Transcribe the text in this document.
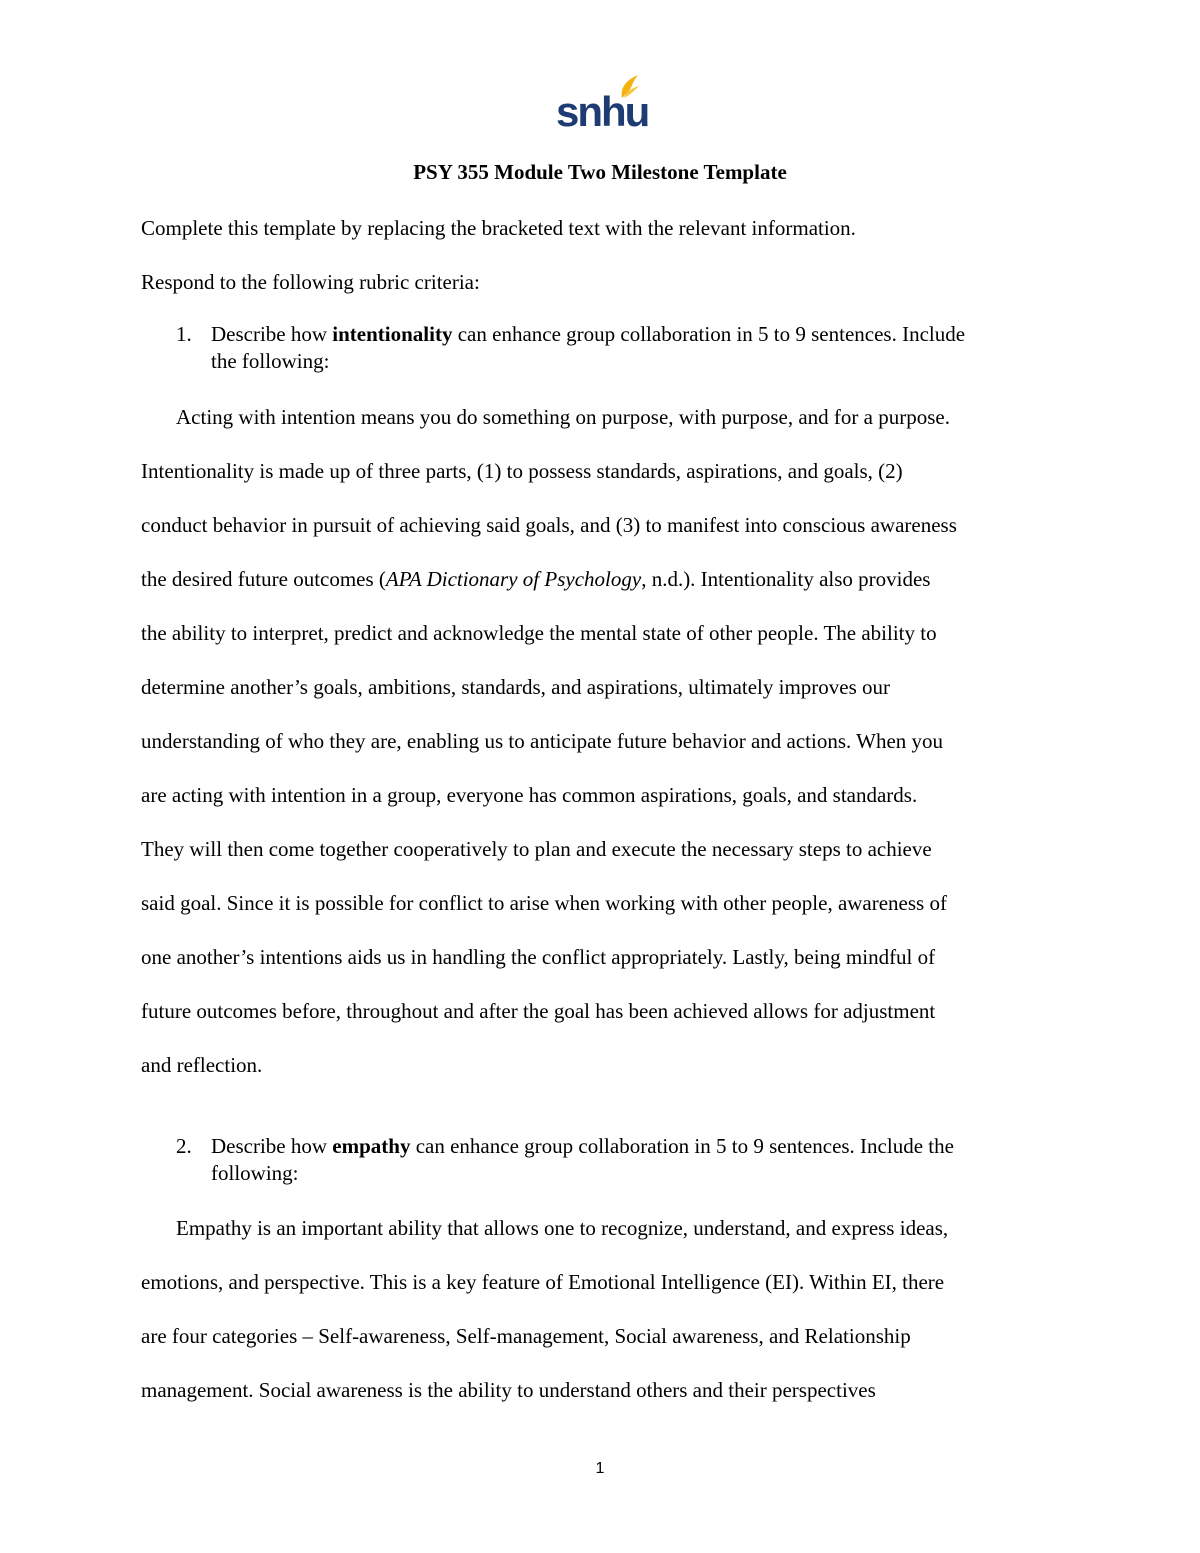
snhu
PSY 355 Module Two Milestone Template

Complete this template by replacing the bracketed text with the relevant information.

Respond to the following rubric criteria:

1. Describe how intentionality can enhance group collaboration in 5 to 9 sentences. Include
the following:
Acting with intention means you do something on purpose, with purpose, and for a purpose.
Intentionality is made up of three parts, (1) to possess standards, aspirations, and goals, (2)
conduct behavior in pursuit of achieving said goals, and (3) to manifest into conscious awareness
the desired future outcomes (APA Dictionary of Psychology, n.d.). Intentionality also provides
the ability to interpret, predict and acknowledge the mental state of other people. The ability to
determine another’s goals, ambitions, standards, and aspirations, ultimately improves our
understanding of who they are, enabling us to anticipate future behavior and actions. When you
are acting with intention in a group, everyone has common aspirations, goals, and standards.
They will then come together cooperatively to plan and execute the necessary steps to achieve
said goal. Since it is possible for conflict to arise when working with other people, awareness of
one another’s intentions aids us in handling the conflict appropriately. Lastly, being mindful of
future outcomes before, throughout and after the goal has been achieved allows for adjustment
and reflection.
2. Describe how empathy can enhance group collaboration in 5 to 9 sentences. Include the
following:
Empathy is an important ability that allows one to recognize, understand, and express ideas,
emotions, and perspective. This is a key feature of Emotional Intelligence (EI). Within EI, there
are four categories – Self-awareness, Self-management, Social awareness, and Relationship
management. Social awareness is the ability to understand others and their perspectives
1
